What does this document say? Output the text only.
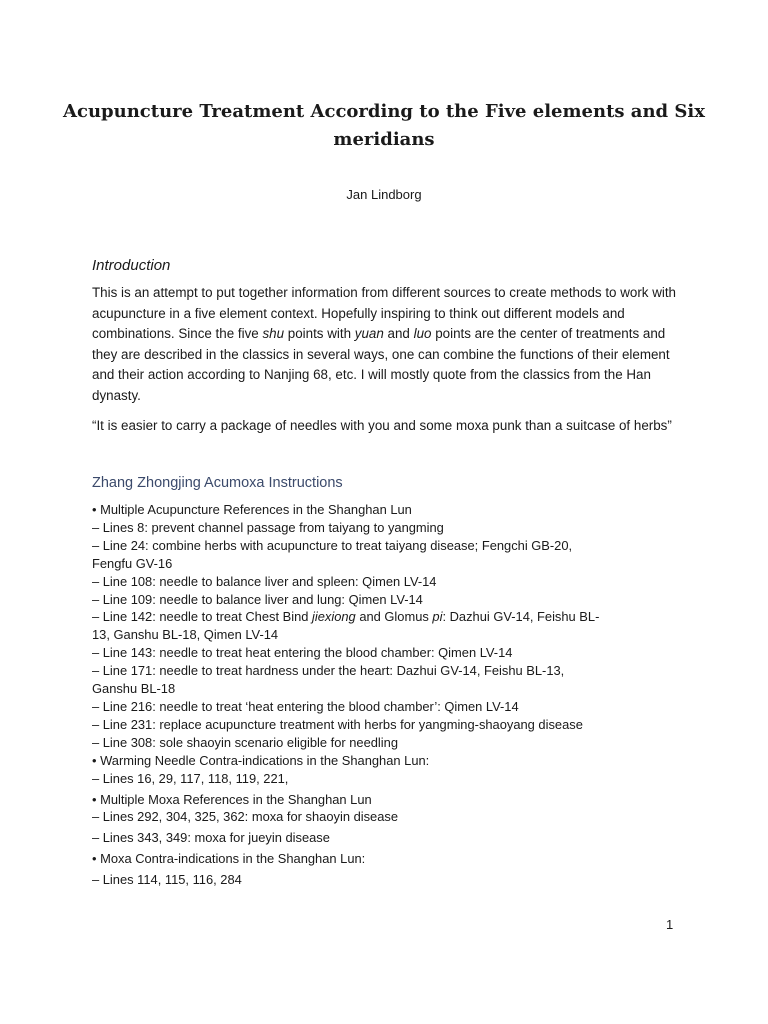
Acupuncture Treatment According to the Five elements and Six meridians
Jan Lindborg
Introduction
This is an attempt to put together information from different sources to create methods to work with acupuncture in a five element context. Hopefully inspiring to think out different models and combinations. Since the five shu points with yuan and luo points are the center of treatments and they are described in the classics in several ways, one can combine the functions of their element and their action according to Nanjing 68, etc. I will mostly quote from the classics from the Han dynasty.
“It is easier to carry a package of needles with you and some moxa punk than a suitcase of herbs”
Zhang Zhongjing Acumoxa Instructions
• Multiple Acupuncture References in the Shanghan Lun
– Lines 8: prevent channel passage from taiyang to yangming
– Line 24: combine herbs with acupuncture to treat taiyang disease; Fengchi GB-20, Fengfu GV-16
– Line 108: needle to balance liver and spleen: Qimen LV-14
– Line 109: needle to balance liver and lung: Qimen LV-14
– Line 142: needle to treat Chest Bind jiexiong and Glomus pi: Dazhui GV-14, Feishu BL-13, Ganshu BL-18, Qimen LV-14
– Line 143: needle to treat heat entering the blood chamber: Qimen LV-14
– Line 171: needle to treat hardness under the heart: Dazhui GV-14, Feishu BL-13, Ganshu BL-18
– Line 216: needle to treat ‘heat entering the blood chamber’: Qimen LV-14
– Line 231: replace acupuncture treatment with herbs for yangming-shaoyang disease
– Line 308: sole shaoyin scenario eligible for needling
• Warming Needle Contra-indications in the Shanghan Lun:
– Lines 16, 29, 117, 118, 119, 221,
• Multiple Moxa References in the Shanghan Lun
– Lines 292, 304, 325, 362: moxa for shaoyin disease
– Lines 343, 349: moxa for jueyin disease
• Moxa Contra-indications in the Shanghan Lun:
– Lines 114, 115, 116, 284
1
